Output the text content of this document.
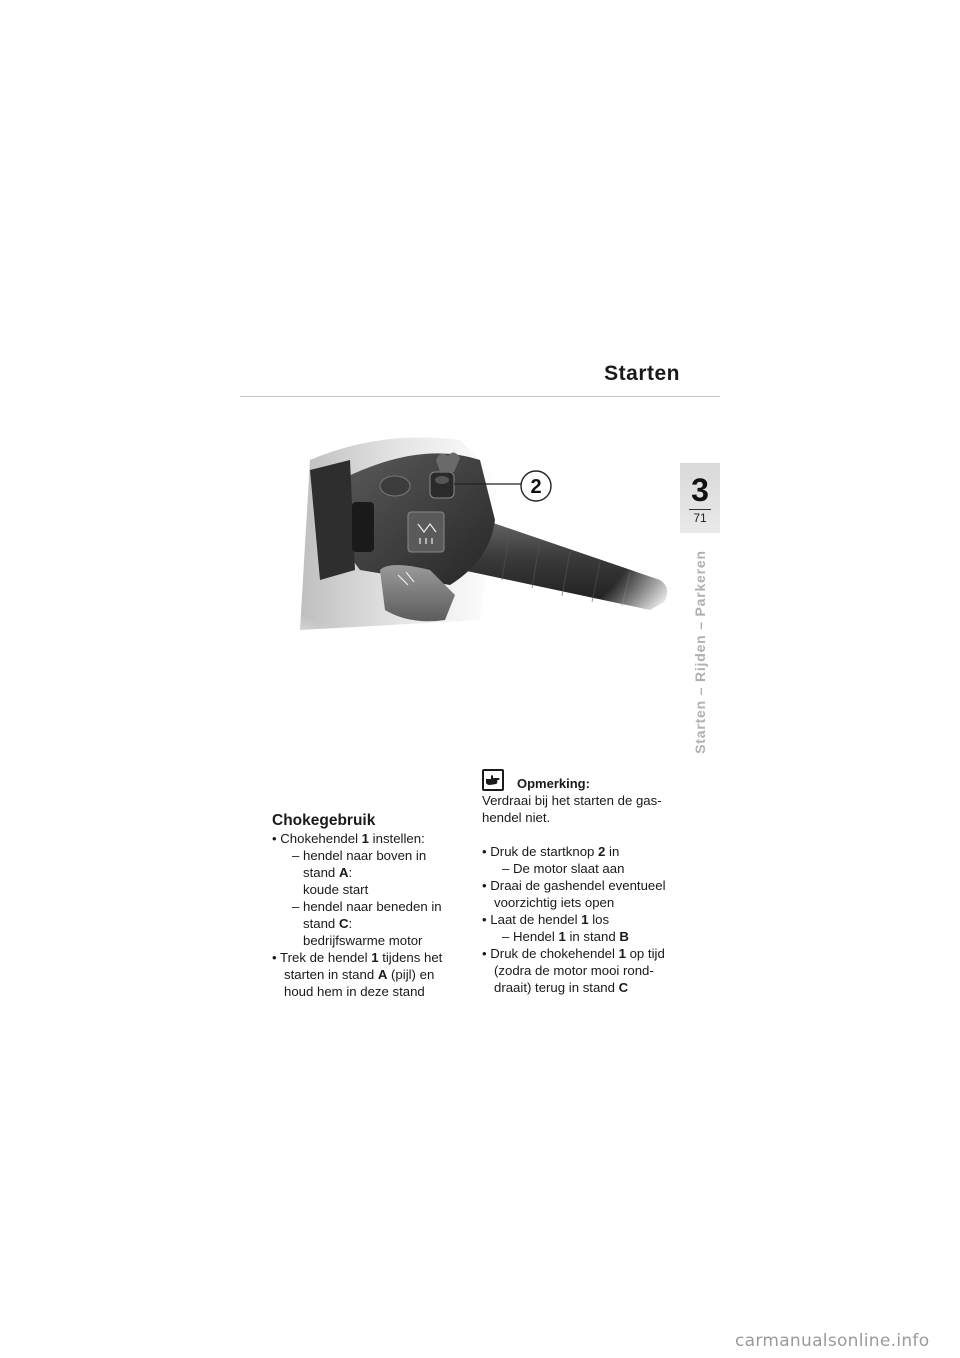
Starten
3
71
Starten – Rijden – Parkeren
Chokegebruik
• Chokehendel 1 instellen:
– hendel naar boven in
stand A:
koude start
– hendel naar beneden in
stand C:
bedrijfswarme motor
• Trek de hendel 1 tijdens het
starten in stand A (pijl) en
houd hem in deze stand
Opmerking:
Verdraai bij het starten de gas-
hendel niet.
• Druk de startknop 2 in
– De motor slaat aan
• Draai de gashendel eventueel
voorzichtig iets open
• Laat de hendel 1 los
– Hendel 1 in stand B
• Druk de chokehendel 1 op tijd
(zodra de motor mooi rond-
draait) terug in stand C
carmanualsonline.info
